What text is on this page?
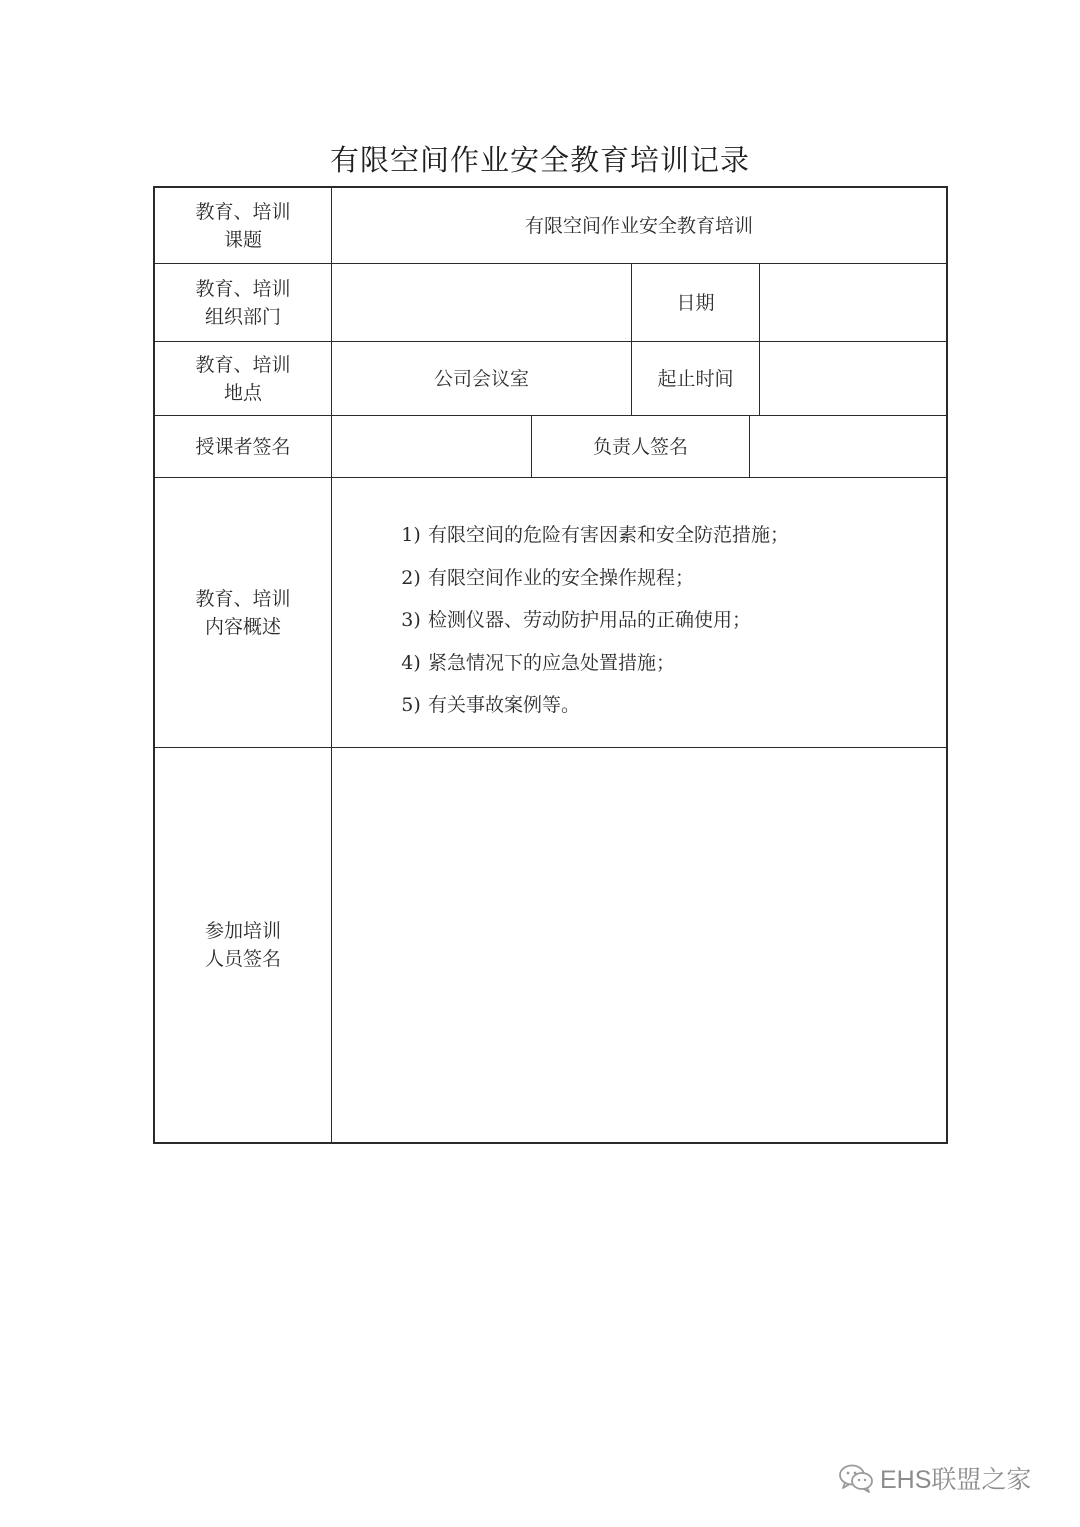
有限空间作业安全教育培训记录
教育、培训
课题
有限空间作业安全教育培训
教育、培训
组织部门
日期
教育、培训
地点
公司会议室	起止时间
授课者签名	负责人签名
教育、培训
内容概述
1) 有限空间的危险有害因素和安全防范措施；
2) 有限空间作业的安全操作规程；
3) 检测仪器、劳动防护用品的正确使用；
4) 紧急情况下的应急处置措施；
5) 有关事故案例等。
参加培训
人员签名
EHS联盟之家
